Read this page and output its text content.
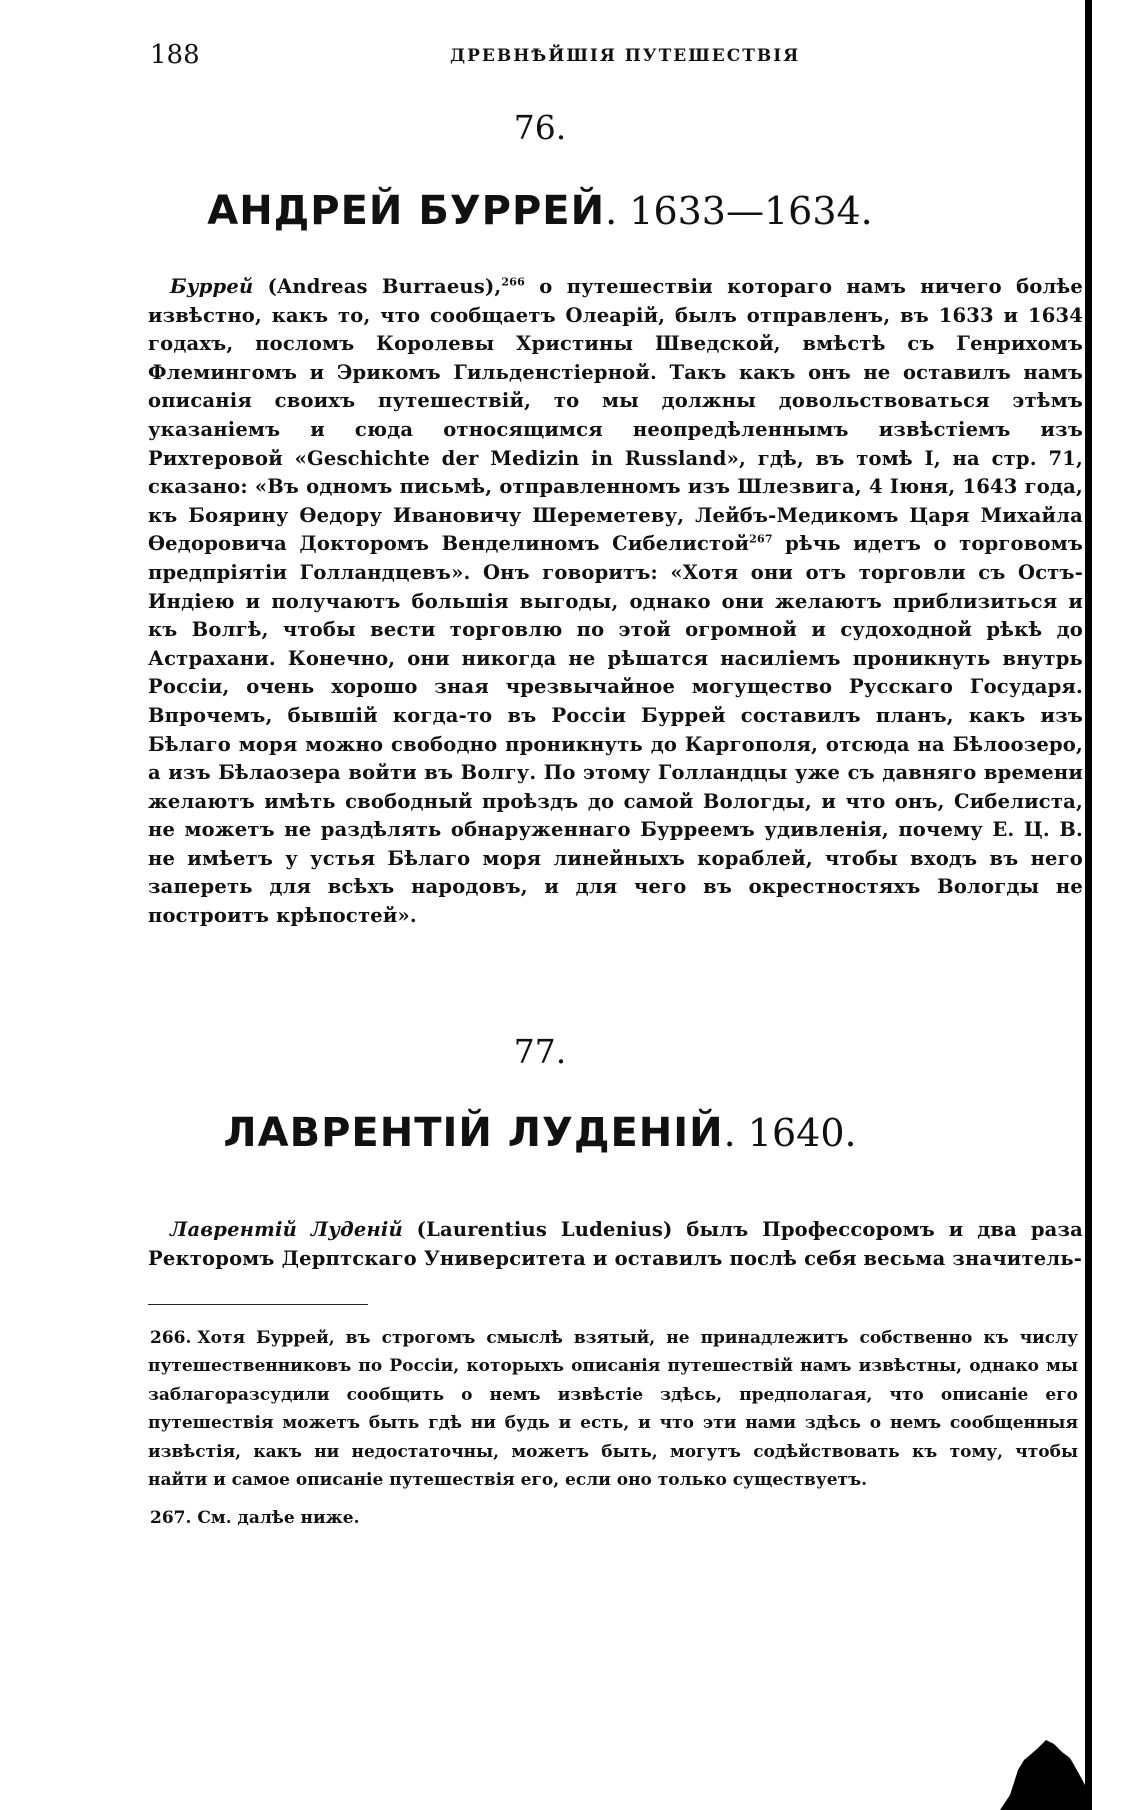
188	ДРЕВНѢЙШІЯ ПУТЕШЕСТВІЯ
76.
АНДРЕЙ БУРРЕЙ. 1633—1634.
Буррей (Andreas Burraeus),$^{266}$ о путешествіи котораго намъ ничего болѣе извѣстно, какъ то, что сообщаетъ Олеарій, былъ отправленъ, въ 1633 и 1634 годахъ, посломъ Королевы Христины Шведской, вмѣстѣ съ Генрихомъ Флемингомъ и Эрикомъ Гильденстіерной. Такъ какъ онъ не оставилъ намъ описанія своихъ путешествій, то мы должны довольствоваться этѣмъ указаніемъ и сюда относящимся неопредѣленнымъ извѣстіемъ изъ Рихтеровой «Geschichte der Medizin in Russland», гдѣ, въ томѣ I, на стр. 71, сказано: «Въ одномъ письмѣ, отправленномъ изъ Шлезвига, 4 Іюня, 1643 года, къ Боярину Өедору Ивановичу Шереметеву, Лейбъ-Медикомъ Царя Михайла Өедоровича Докторомъ Венделиномъ Сибелистой$^{267}$ рѣчь идетъ о торговомъ предпріятіи Голландцевъ». Онъ говоритъ: «Хотя они отъ торговли съ Остъ-Индіею и получаютъ большія выгоды, однако они желаютъ приблизиться и къ Волгѣ, чтобы вести торговлю по этой огромной и судоходной рѣкѣ до Астрахани. Конечно, они никогда не рѣшатся насиліемъ проникнуть внутрь Россіи, очень хорошо зная чрезвычайное могущество Русскаго Государя. Впрочемъ, бывшій когда-то въ Россіи Буррей составилъ планъ, какъ изъ Бѣлаго моря можно свободно проникнуть до Каргополя, отсюда на Бѣлоозеро, а изъ Бѣлаозера войти въ Волгу. По этому Голландцы уже съ давняго времени желаютъ имѣть свободный проѣздъ до самой Вологды, и что онъ, Сибелиста, не можетъ не раздѣлять обнаруженнаго Бурреемъ удивленія, почему Е. Ц. В. не имѣетъ у устья Бѣлаго моря линейныхъ кораблей, чтобы входъ въ него запереть для всѣхъ народовъ, и для чего въ окрестностяхъ Вологды не построитъ крѣпостей».
77.
ЛАВРЕНТІЙ ЛУДЕНІЙ. 1640.
Лаврентій Луденій (Laurentius Ludenius) былъ Профессоромъ и два раза Ректоромъ Дерптскаго Университета и оставилъ послѣ себя весьма значитель-

266. Хотя Буррей, въ строгомъ смыслѣ взятый, не принадлежитъ собственно къ числу путешественниковъ по Россіи, которыхъ описанія путешествій намъ извѣстны, однако мы заблагоразсудили сообщить о немъ извѣстіе здѣсь, предполагая, что описаніе его путешествія можетъ быть гдѣ ни будь и есть, и что эти нами здѣсь о немъ сообщенныя извѣстія, какъ ни недостаточны, можетъ быть, могутъ содѣйствовать къ тому, чтобы найти и самое описаніе путешествія его, если оно только существуетъ.

267. См. далѣе ниже.
